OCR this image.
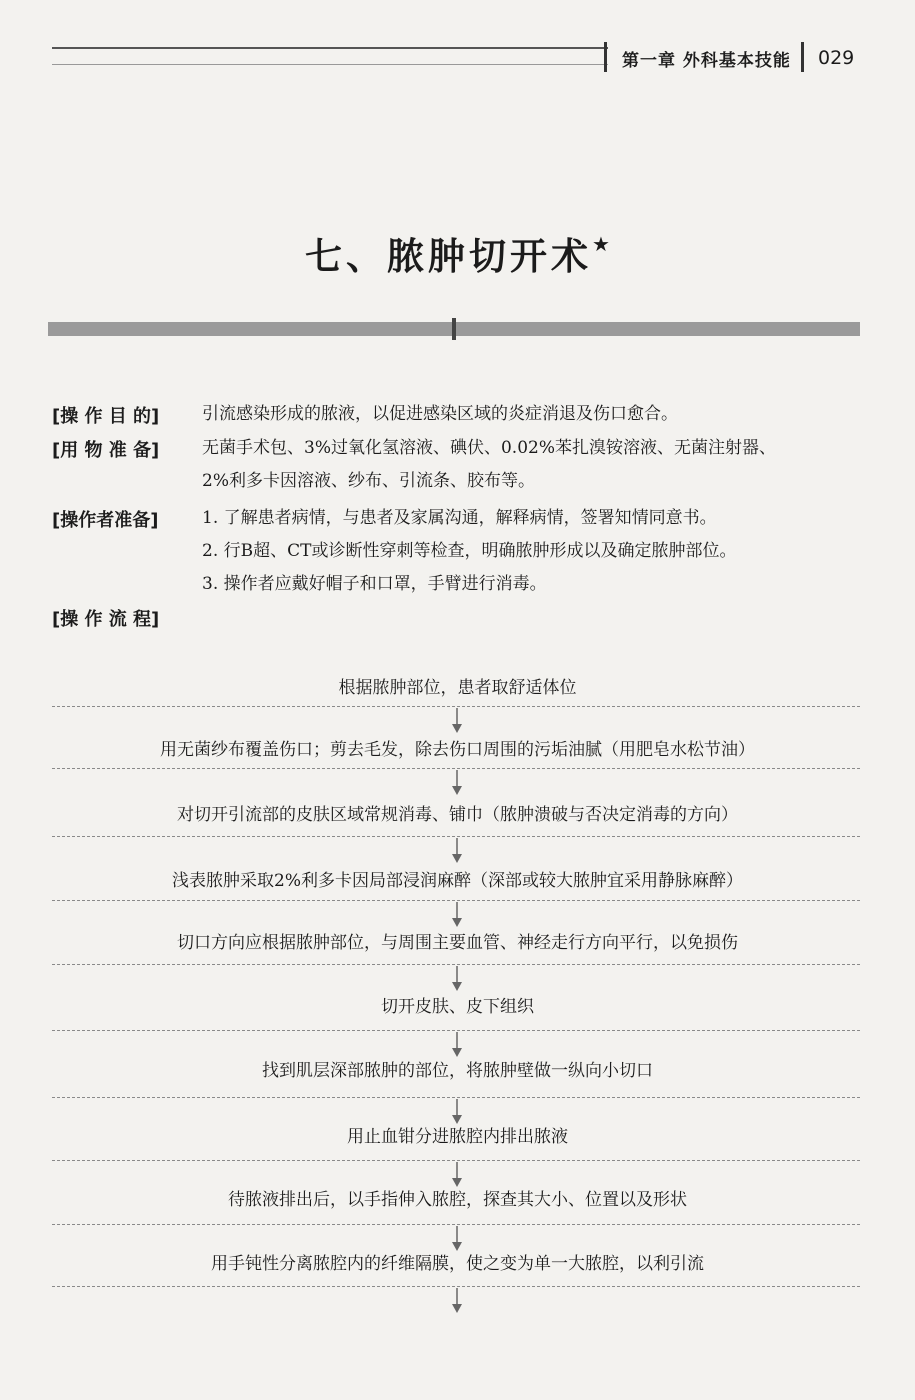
第一章 外科基本技能 029
七、脓肿切开术★
[操 作 目 的]	引流感染形成的脓液，以促进感染区域的炎症消退及伤口愈合。
[用 物 准 备]	无菌手术包、3%过氧化氢溶液、碘伏、0.02%苯扎溴铵溶液、无菌注射器、
2%利多卡因溶液、纱布、引流条、胶布等。
[操作者准备]	1. 了解患者病情，与患者及家属沟通，解释病情，签署知情同意书。
2. 行B超、CT或诊断性穿刺等检查，明确脓肿形成以及确定脓肿部位。
3. 操作者应戴好帽子和口罩，手臂进行消毒。
[操 作 流 程]
根据脓肿部位，患者取舒适体位
用无菌纱布覆盖伤口；剪去毛发，除去伤口周围的污垢油腻（用肥皂水松节油）
对切开引流部的皮肤区域常规消毒、铺巾（脓肿溃破与否决定消毒的方向）
浅表脓肿采取2%利多卡因局部浸润麻醉（深部或较大脓肿宜采用静脉麻醉）
切口方向应根据脓肿部位，与周围主要血管、神经走行方向平行，以免损伤
切开皮肤、皮下组织
找到肌层深部脓肿的部位，将脓肿壁做一纵向小切口
用止血钳分进脓腔内排出脓液
待脓液排出后，以手指伸入脓腔，探查其大小、位置以及形状
用手钝性分离脓腔内的纤维隔膜，使之变为单一大脓腔，以利引流
